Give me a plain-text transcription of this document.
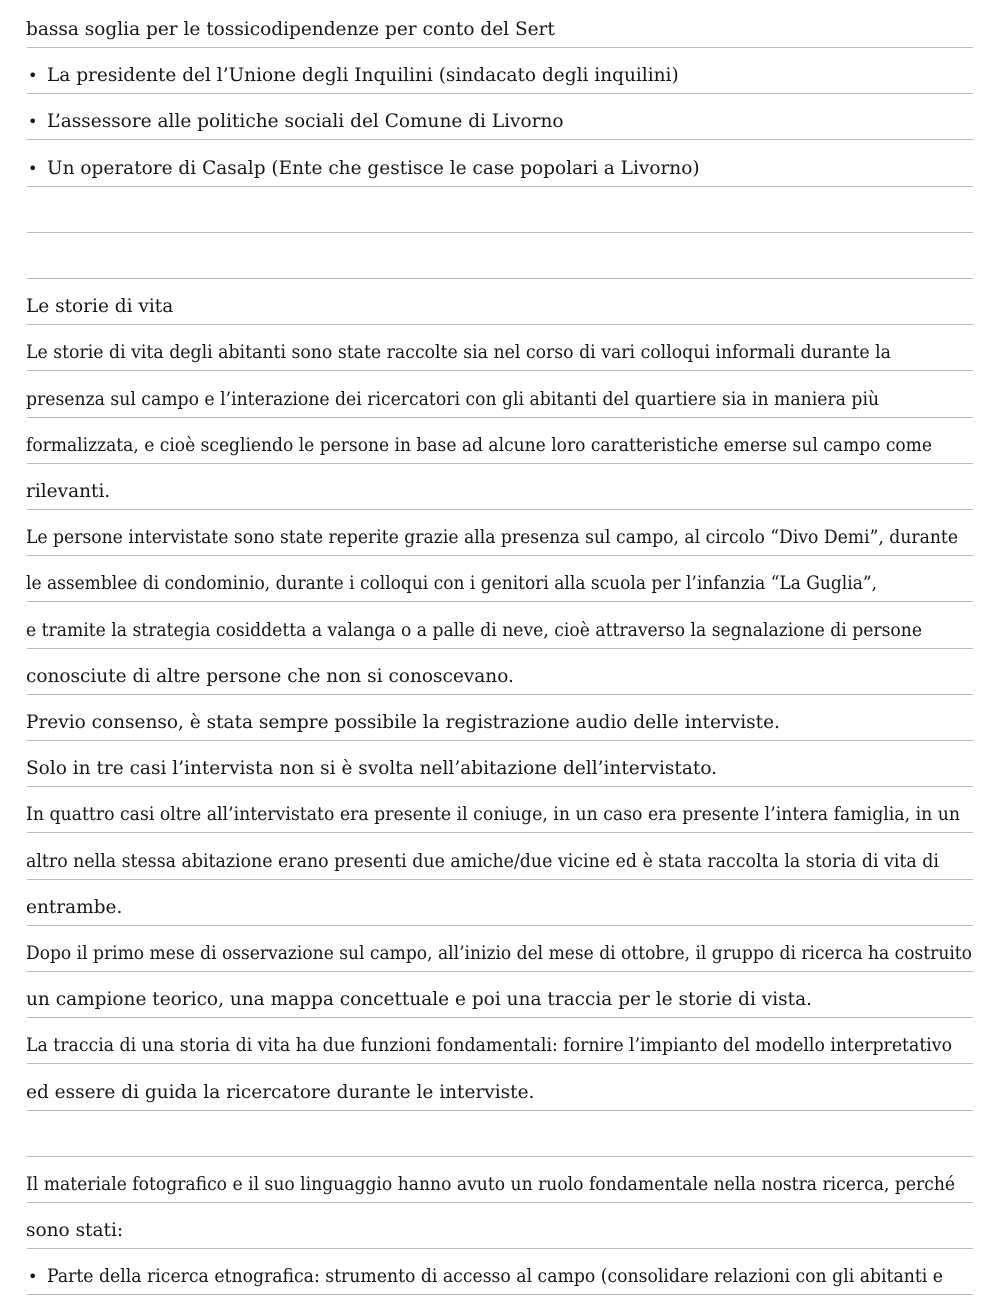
bassa soglia per le tossicodipendenze per conto del Sert
• La presidente del l’Unione degli Inquilini (sindacato degli inquilini)
• L’assessore alle politiche sociali del Comune di Livorno
• Un operatore di Casalp (Ente che gestisce le case popolari a Livorno)
Le storie di vita
Le storie di vita degli abitanti sono state raccolte sia nel corso di vari colloqui informali durante la
presenza sul campo e l’interazione dei ricercatori con gli abitanti del quartiere sia in maniera più
formalizzata, e cioè scegliendo le persone in base ad alcune loro caratteristiche emerse sul campo come
rilevanti.
Le persone intervistate sono state reperite grazie alla presenza sul campo, al circolo “Divo Demi”, durante
le assemblee di condominio, durante i colloqui con i genitori alla scuola per l’infanzia “La Guglia”,
e tramite la strategia cosiddetta a valanga o a palle di neve, cioè attraverso la segnalazione di persone
conosciute di altre persone che non si conoscevano.
Previo consenso, è stata sempre possibile la registrazione audio delle interviste.
Solo in tre casi l’intervista non si è svolta nell’abitazione dell’intervistato.
In quattro casi oltre all’intervistato era presente il coniuge, in un caso era presente l’intera famiglia, in un
altro nella stessa abitazione erano presenti due amiche/due vicine ed è stata raccolta la storia di vita di
entrambe.
Dopo il primo mese di osservazione sul campo, all’inizio del mese di ottobre, il gruppo di ricerca ha costruito
un campione teorico, una mappa concettuale e poi una traccia per le storie di vista.
La traccia di una storia di vita ha due funzioni fondamentali: fornire l’impianto del modello interpretativo
ed essere di guida la ricercatore durante le interviste.
Il materiale fotografico e il suo linguaggio hanno avuto un ruolo fondamentale nella nostra ricerca, perché
sono stati:
• Parte della ricerca etnografica: strumento di accesso al campo (consolidare relazioni con gli abitanti e
